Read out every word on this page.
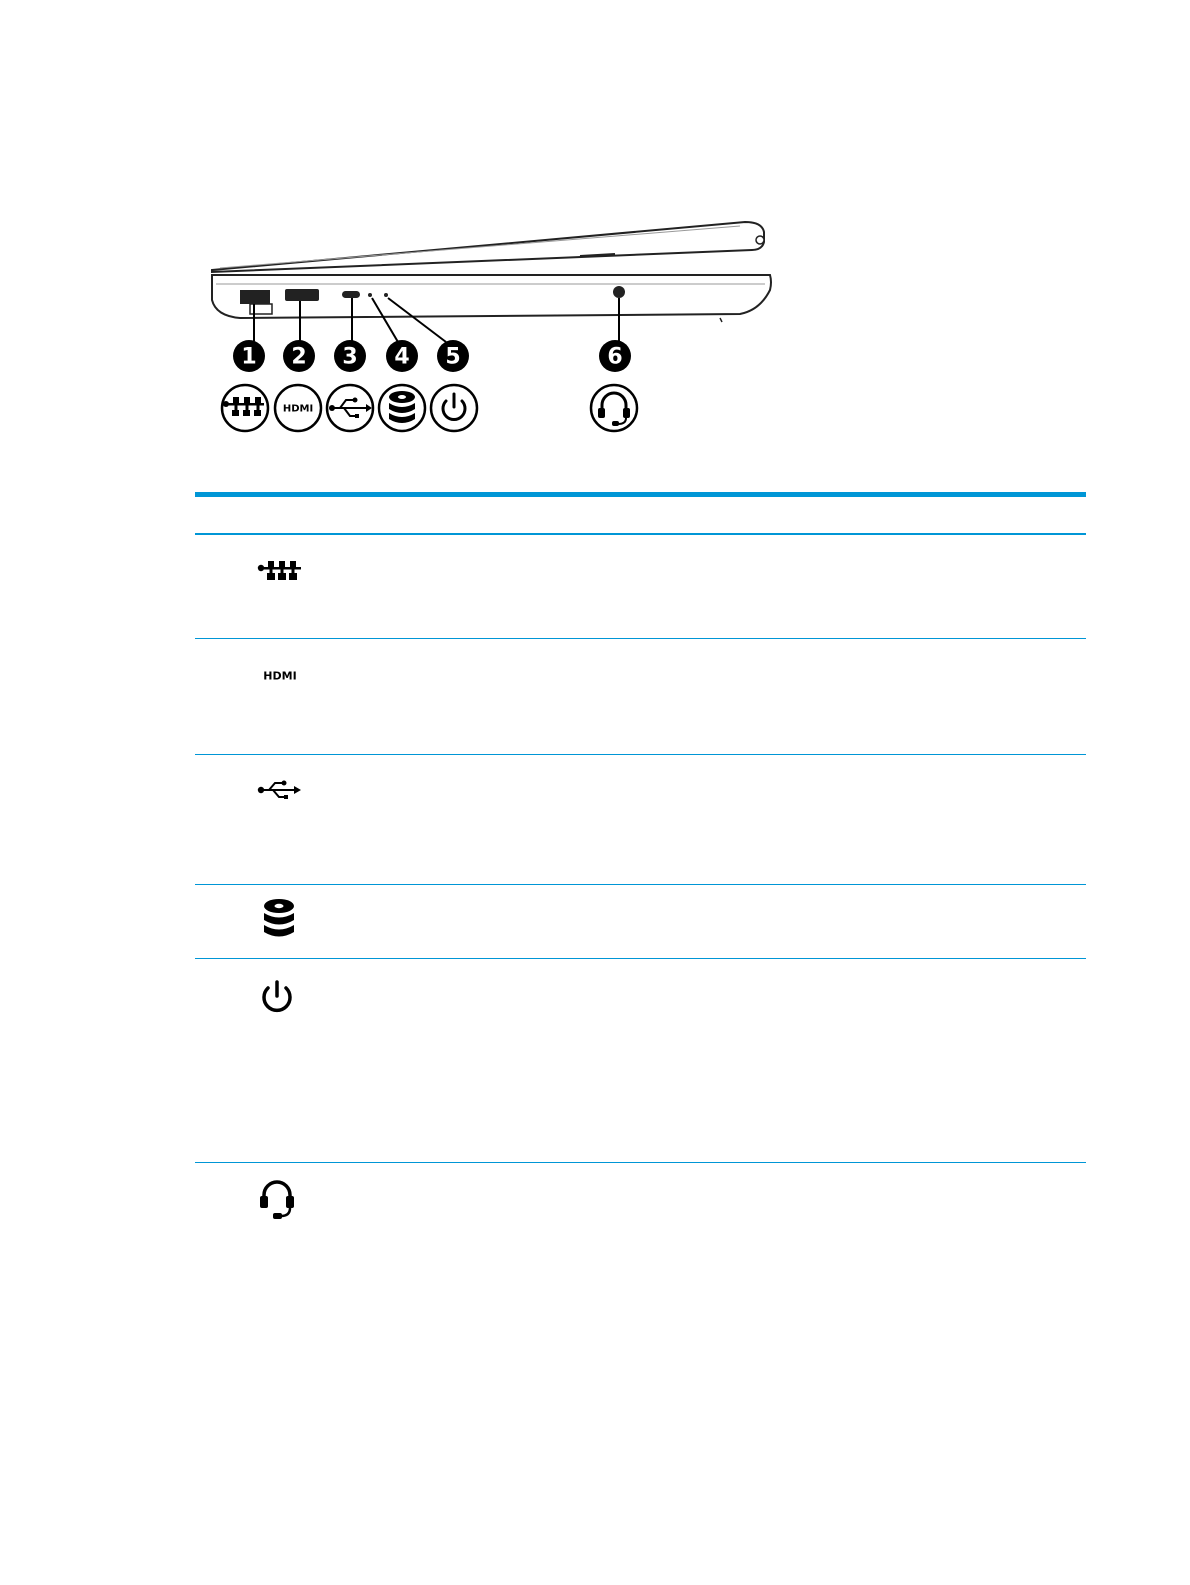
1 2 3 4 5	6
HDMI
HDMI
